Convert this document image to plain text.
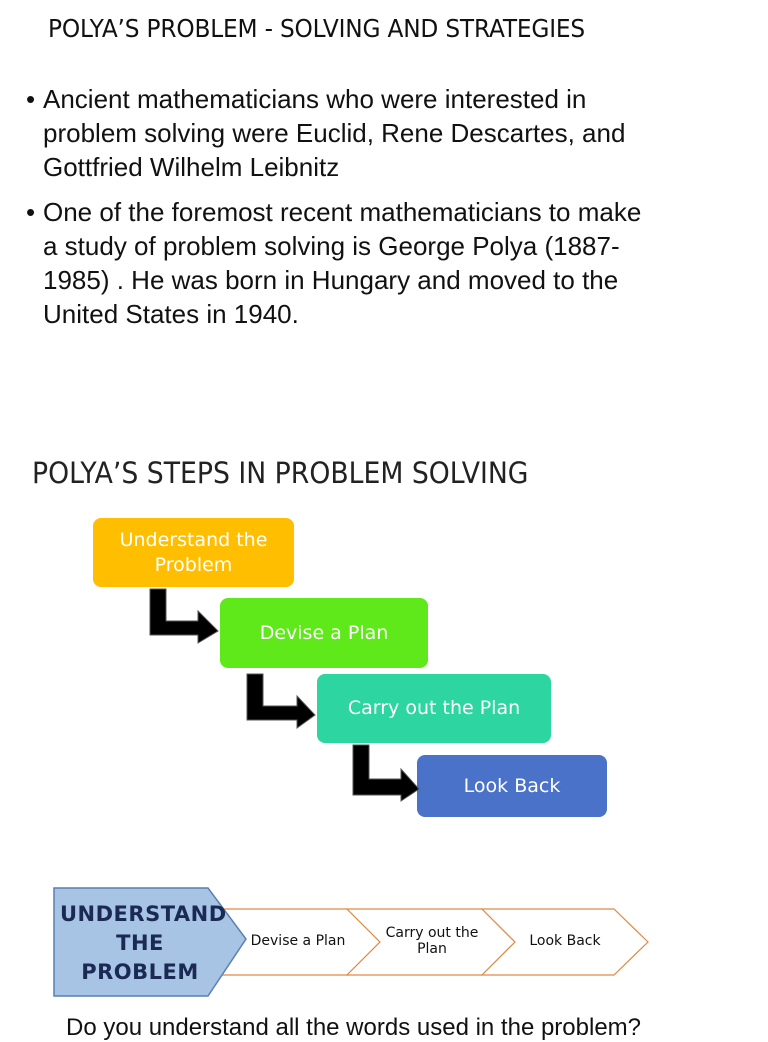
POLYA’S PROBLEM - SOLVING AND STRATEGIES
• Ancient mathematicians who were interested in
problem solving were Euclid, Rene Descartes, and
Gottfried Wilhelm Leibnitz
• One of the foremost recent mathematicians to make
a study of problem solving is George Polya (1887-
1985) . He was born in Hungary and moved to the
United States in 1940.
POLYA’S STEPS IN PROBLEM SOLVING
Understand the
Problem
Devise a Plan
Carry out the Plan
Look Back
UNDERSTAND
THE
PROBLEM
Devise a Plan	Carry out the
Plan	Look Back
Do you understand all the words used in the problem?
